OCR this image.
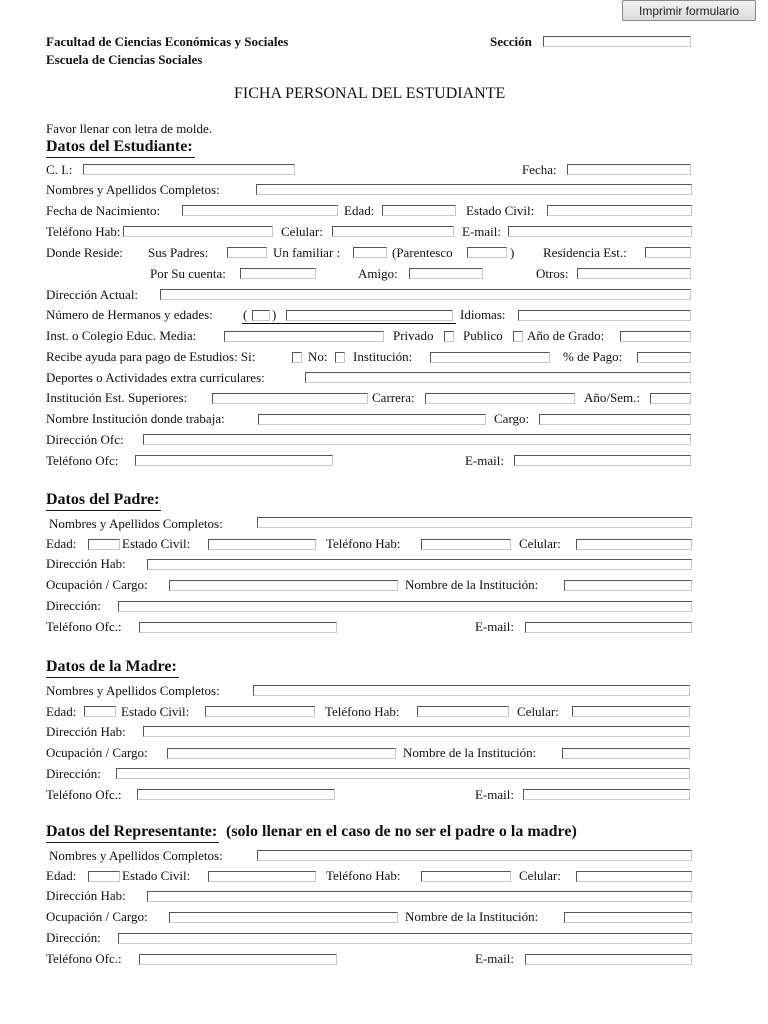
Imprimir formulario
Facultad de Ciencias Económicas y Sociales
Escuela de Ciencias Sociales
Sección
FICHA PERSONAL DEL ESTUDIANTE
Favor llenar con letra de molde.
Datos del Estudiante:
C. I.:	Fecha:
Nombres y Apellidos Completos:
Fecha de Nacimiento:	Edad:	Estado Civil:
Teléfono Hab:	Celular:	E-mail:
Donde Reside: Sus Padres:	Un familiar :	(Parentesco	) Residencia Est.:
Por Su cuenta:	Amigo:	Otros:
Dirección Actual:
Número de Hermanos y edades: ( )	Idiomas:
Inst. o Colegio Educ. Media:	Privado Publico Año de Grado:
Recibe ayuda para pago de Estudios: Si:	No: Institución:	% de Pago:
Deportes o Actividades extra curriculares:
Institución Est. Superiores:	Carrera:	Año/Sem.:
Nombre Institución donde trabaja:	Cargo:
Dirección Ofc:
Teléfono Ofc:	E-mail:
Datos del Padre:
Nombres y Apellidos Completos:
Edad:	Estado Civil:	Teléfono Hab:	Celular:
Dirección Hab:
Ocupación / Cargo:	Nombre de la Institución:
Dirección:
Teléfono Ofc.:	E-mail:
Datos de la Madre:
Nombres y Apellidos Completos:
Edad:	Estado Civil:	Teléfono Hab:	Celular:
Dirección Hab:
Ocupación / Cargo:	Nombre de la Institución:
Dirección:
Teléfono Ofc.:	E-mail:
Datos del Representante: (solo llenar en el caso de no ser el padre o la madre)
Nombres y Apellidos Completos:
Edad:	Estado Civil:	Teléfono Hab:	Celular:
Dirección Hab:
Ocupación / Cargo:	Nombre de la Institución:
Dirección:
Teléfono Ofc.:	E-mail:
